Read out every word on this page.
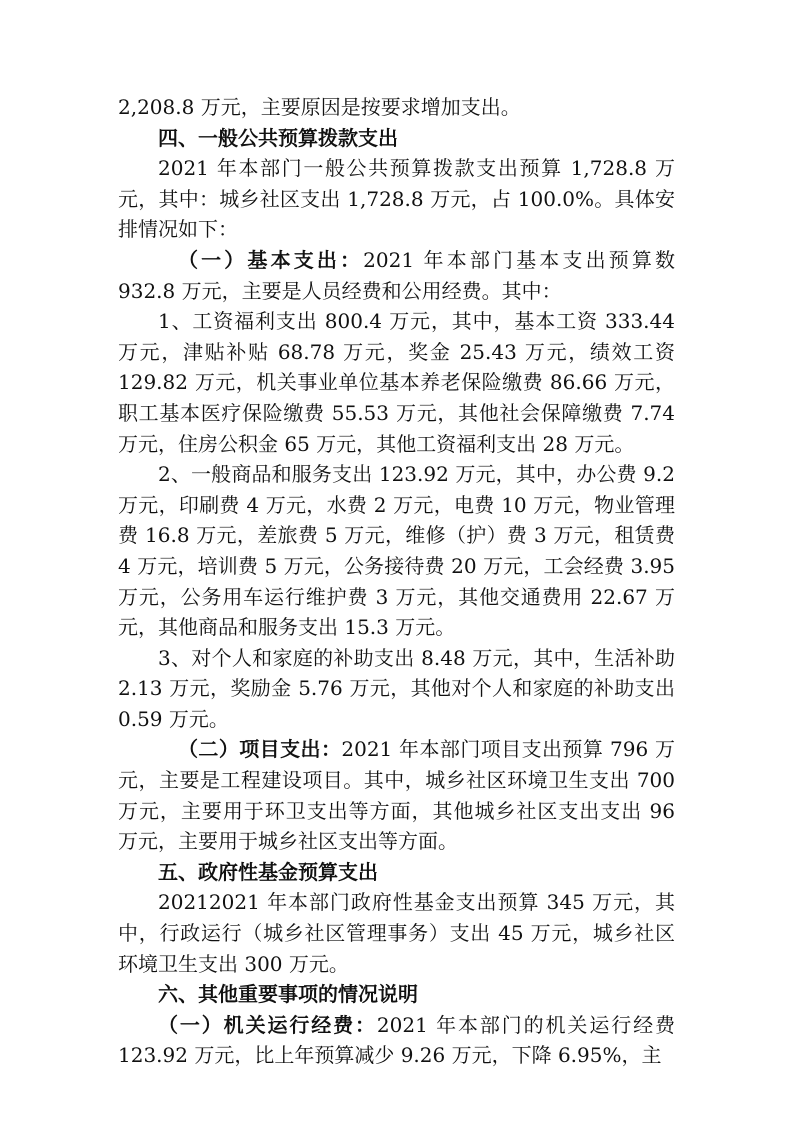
2,208.8 万元，主要原因是按要求增加支出。

四、一般公共预算拨款支出

2021 年本部门一般公共预算拨款支出预算 1,728.8 万元，其中：城乡社区支出 1,728.8 万元，占 100.0%。具体安排情况如下：

（一）基本支出：2021 年本部门基本支出预算数 932.8 万元，主要是人员经费和公用经费。其中：

1、工资福利支出 800.4 万元，其中，基本工资 333.44 万元，津贴补贴 68.78 万元，奖金 25.43 万元，绩效工资 129.82 万元，机关事业单位基本养老保险缴费 86.66 万元，职工基本医疗保险缴费 55.53 万元，其他社会保障缴费 7.74 万元，住房公积金 65 万元，其他工资福利支出 28 万元。

2、一般商品和服务支出 123.92 万元，其中，办公费 9.2 万元，印刷费 4 万元，水费 2 万元，电费 10 万元，物业管理费 16.8 万元，差旅费 5 万元，维修（护）费 3 万元，租赁费 4 万元，培训费 5 万元，公务接待费 20 万元，工会经费 3.95 万元，公务用车运行维护费 3 万元，其他交通费用 22.67 万元，其他商品和服务支出 15.3 万元。

3、对个人和家庭的补助支出 8.48 万元，其中，生活补助 2.13 万元，奖励金 5.76 万元，其他对个人和家庭的补助支出 0.59 万元。

（二）项目支出：2021 年本部门项目支出预算 796 万元，主要是工程建设项目。其中，城乡社区环境卫生支出 700 万元，主要用于环卫支出等方面，其他城乡社区支出支出 96 万元，主要用于城乡社区支出等方面。

五、政府性基金预算支出

20212021 年本部门政府性基金支出预算 345 万元，其中，行政运行（城乡社区管理事务）支出 45 万元，城乡社区环境卫生支出 300 万元。

六、其他重要事项的情况说明

（一）机关运行经费：2021 年本部门的机关运行经费 123.92 万元，比上年预算减少 9.26 万元，下降 6.95%，主
